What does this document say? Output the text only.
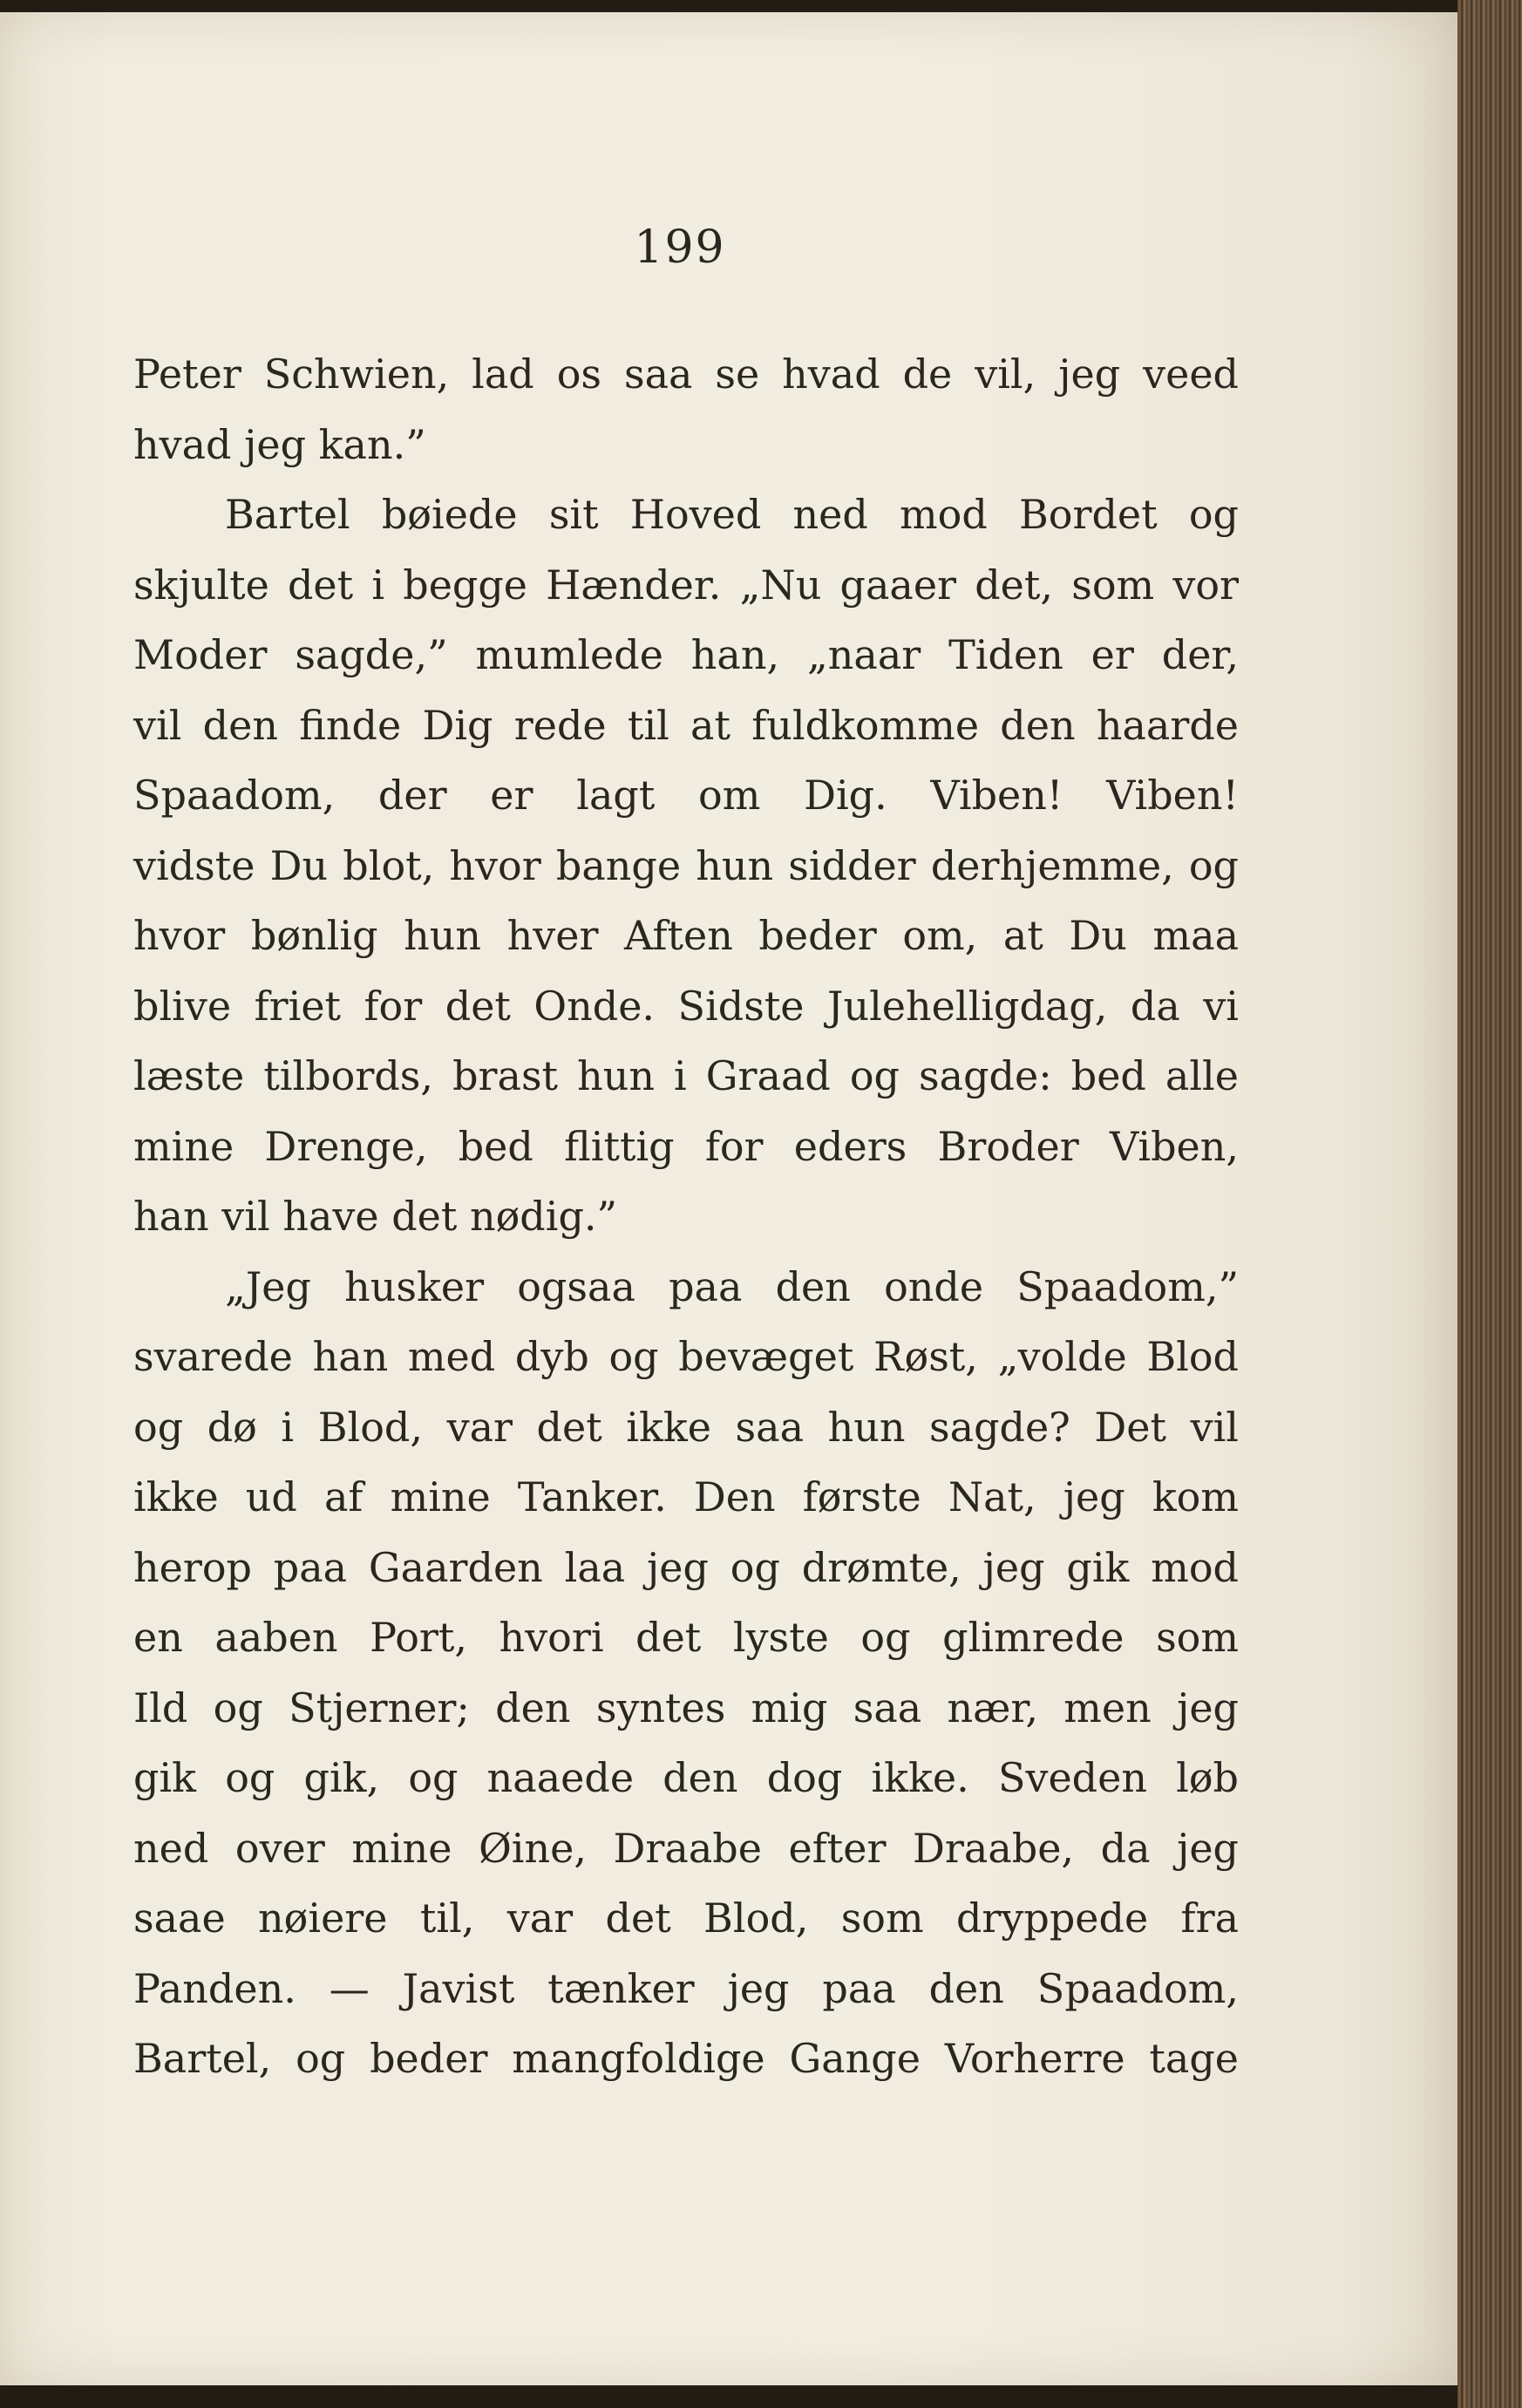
199
Peter Schwien, lad os saa se hvad de vil, jeg veed
hvad jeg kan.”
Bartel bøiede sit Hoved ned mod Bordet og
skjulte det i begge Hænder. „Nu gaaer det, som vor
Moder sagde,” mumlede han, „naar Tiden er der,
vil den finde Dig rede til at fuldkomme den haarde
Spaadom, der er lagt om Dig. Viben! Viben!
vidste Du blot, hvor bange hun sidder derhjemme, og
hvor bønlig hun hver Aften beder om, at Du maa
blive friet for det Onde. Sidste Julehelligdag, da vi
læste tilbords, brast hun i Graad og sagde: bed alle
mine Drenge, bed flittig for eders Broder Viben,
han vil have det nødig.”
„Jeg husker ogsaa paa den onde Spaadom,”
svarede han med dyb og bevæget Røst, „volde Blod
og dø i Blod, var det ikke saa hun sagde? Det vil
ikke ud af mine Tanker. Den første Nat, jeg kom
herop paa Gaarden laa jeg og drømte, jeg gik mod
en aaben Port, hvori det lyste og glimrede som
Ild og Stjerner; den syntes mig saa nær, men jeg
gik og gik, og naaede den dog ikke. Sveden løb
ned over mine Øine, Draabe efter Draabe, da jeg
saae nøiere til, var det Blod, som dryppede fra
Panden. — Javist tænker jeg paa den Spaadom,
Bartel, og beder mangfoldige Gange Vorherre tage
